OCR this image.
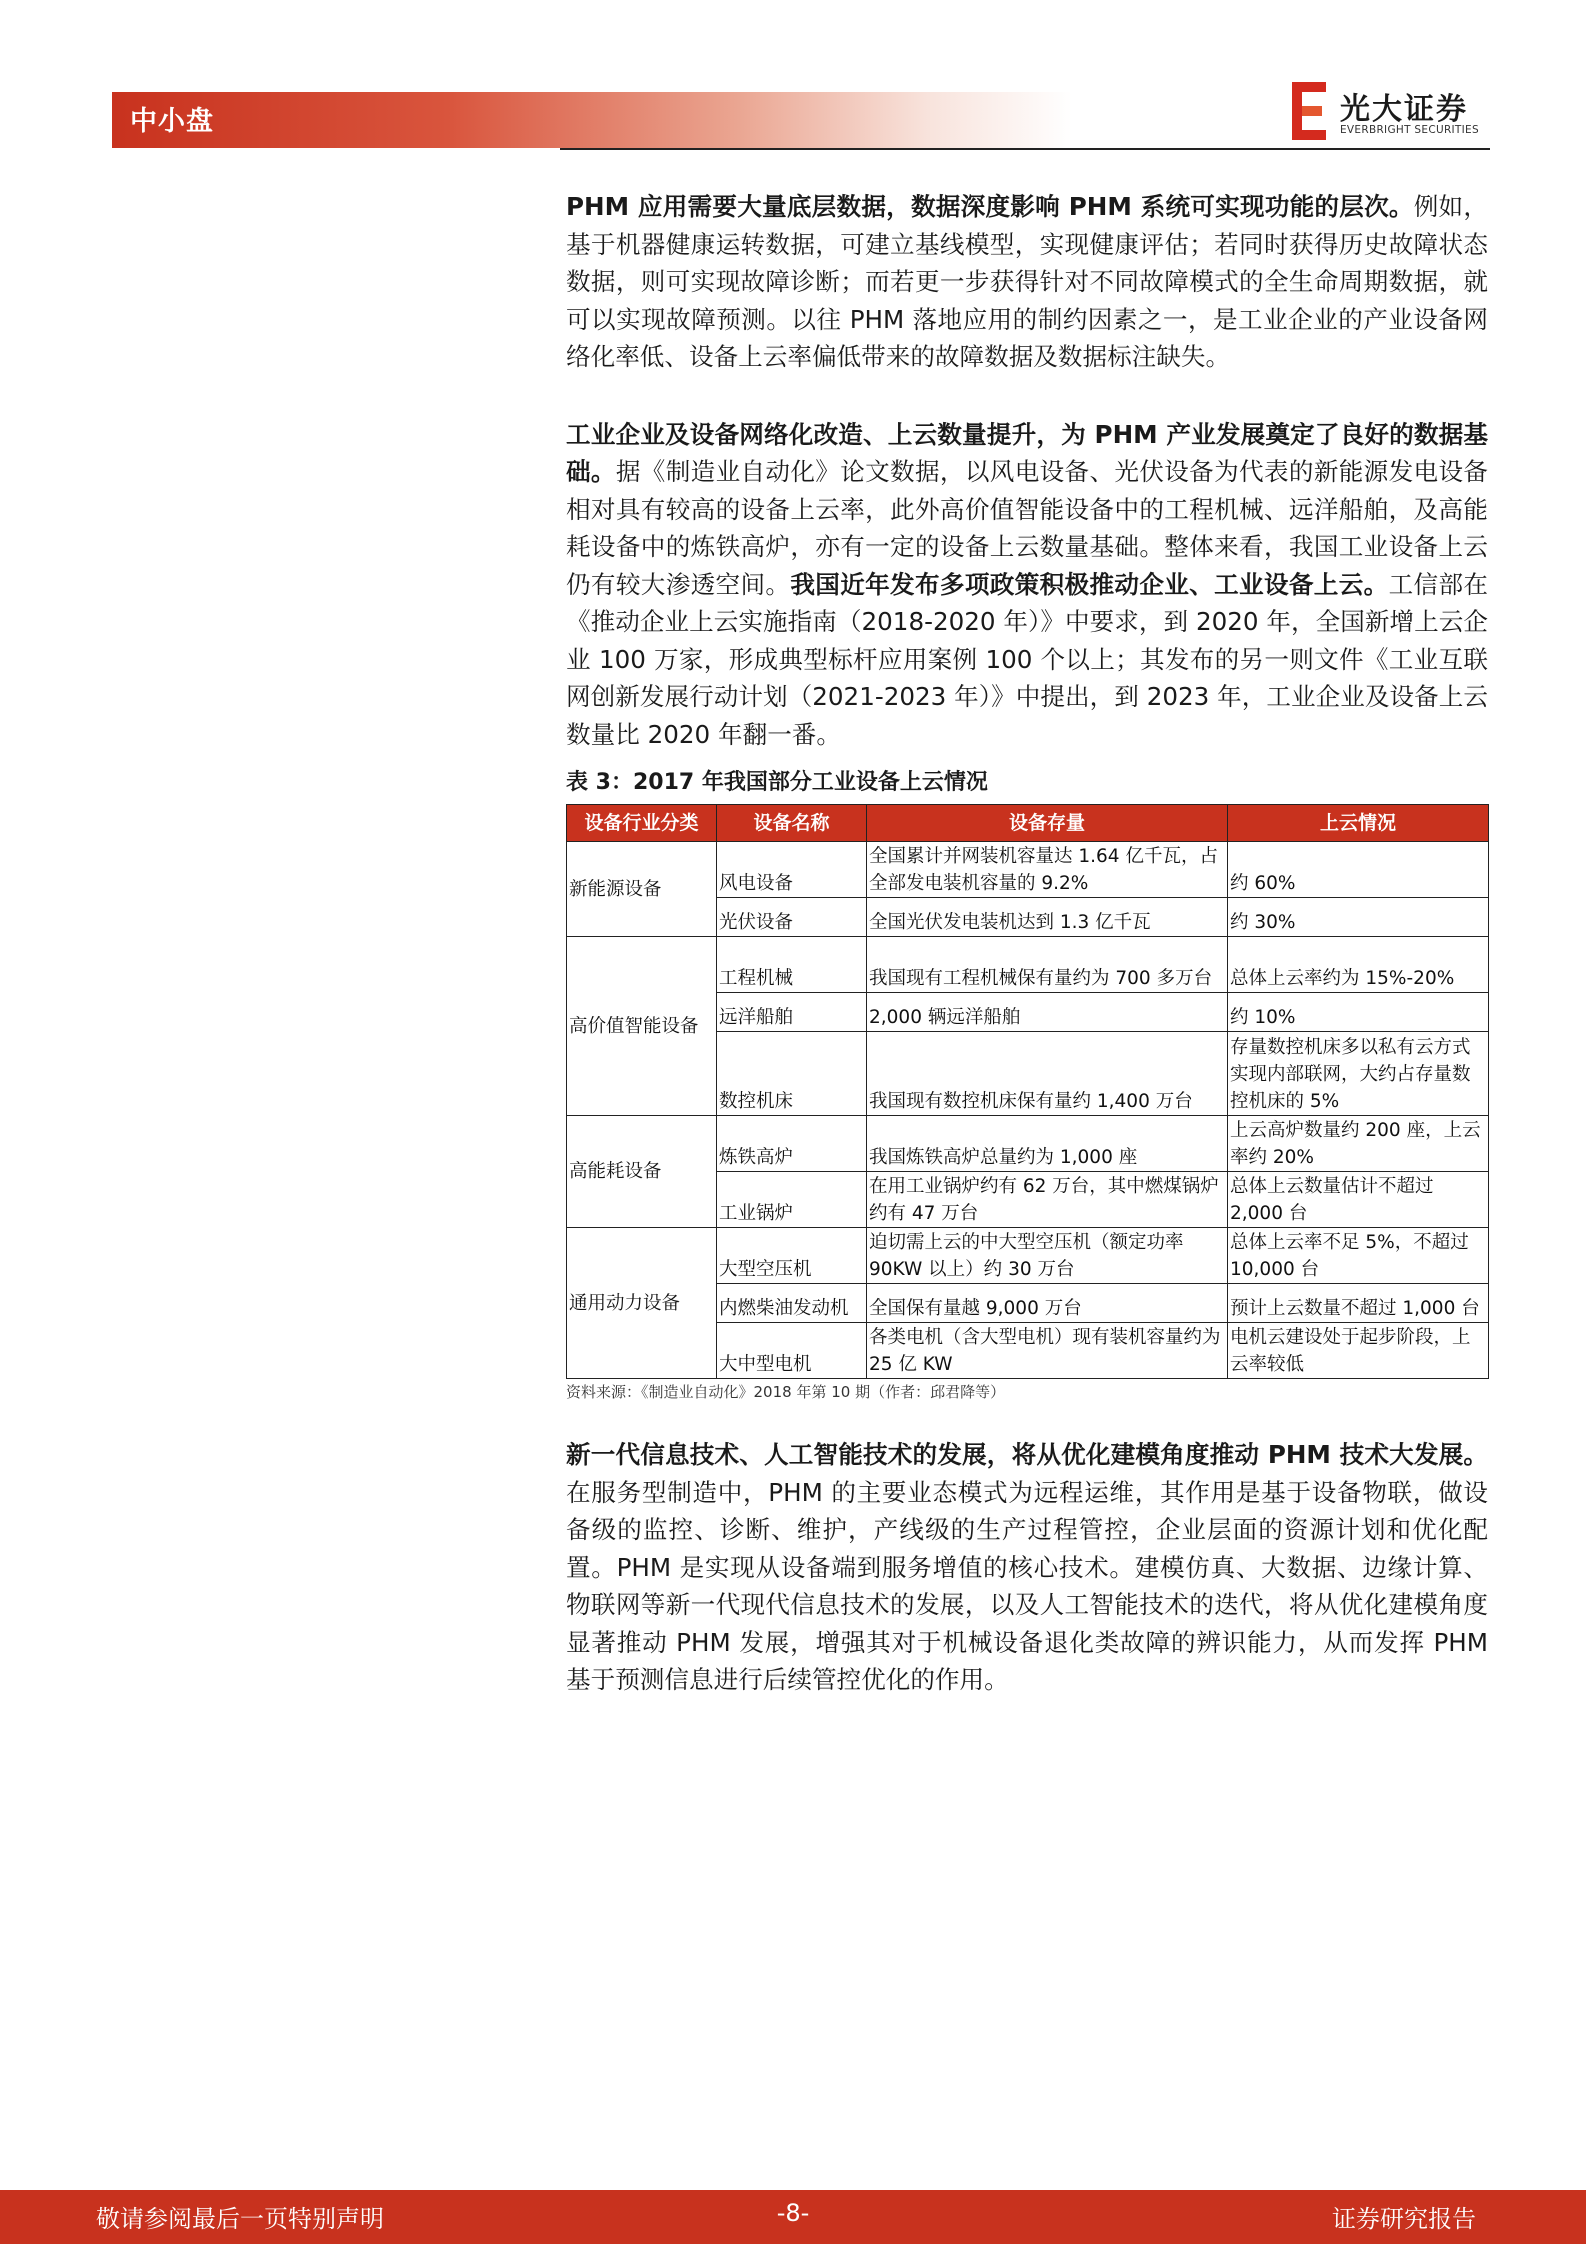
中小盘	光大证券
EVERBRIGHT SECURITIES

PHM 应用需要大量底层数据，数据深度影响 PHM 系统可实现功能的层次。例如，基于机器健康运转数据，可建立基线模型，实现健康评估；若同时获得历史故障状态数据，则可实现故障诊断；而若更一步获得针对不同故障模式的全生命周期数据，就可以实现故障预测。以往 PHM 落地应用的制约因素之一，是工业企业的产业设备网络化率低、设备上云率偏低带来的故障数据及数据标注缺失。

工业企业及设备网络化改造、上云数量提升，为 PHM 产业发展奠定了良好的数据基础。据《制造业自动化》论文数据，以风电设备、光伏设备为代表的新能源发电设备相对具有较高的设备上云率，此外高价值智能设备中的工程机械、远洋船舶，及高能耗设备中的炼铁高炉，亦有一定的设备上云数量基础。整体来看，我国工业设备上云仍有较大渗透空间。我国近年发布多项政策积极推动企业、工业设备上云。工信部在《推动企业上云实施指南（2018-2020 年）》中要求，到 2020 年，全国新增上云企业 100 万家，形成典型标杆应用案例 100 个以上；其发布的另一则文件《工业互联网创新发展行动计划（2021-2023 年）》中提出，到 2023 年，工业企业及设备上云数量比 2020 年翻一番。

表 3：2017 年我国部分工业设备上云情况
设备行业分类	设备名称	设备存量	上云情况
新能源设备	风电设备	全国累计并网装机容量达 1.64 亿千瓦，占全部发电装机容量的 9.2%	约 60%
	光伏设备	全国光伏发电装机达到 1.3 亿千瓦	约 30%
高价值智能设备	工程机械	我国现有工程机械保有量约为 700 多万台	总体上云率约为 15%-20%
	远洋船舶	2,000 辆远洋船舶	约 10%
	数控机床	我国现有数控机床保有量约 1,400 万台	存量数控机床多以私有云方式实现内部联网，大约占存量数控机床的 5%
高能耗设备	炼铁高炉	我国炼铁高炉总量约为 1,000 座	上云高炉数量约 200 座，上云率约 20%
	工业锅炉	在用工业锅炉约有 62 万台，其中燃煤锅炉约有 47 万台	总体上云数量估计不超过 2,000 台
通用动力设备	大型空压机	迫切需上云的中大型空压机（额定功率 90KW 以上）约 30 万台	总体上云率不足 5%，不超过 10,000 台
	内燃柴油发动机	全国保有量越 9,000 万台	预计上云数量不超过 1,000 台
	大中型电机	各类电机（含大型电机）现有装机容量约为 25 亿 KW	电机云建设处于起步阶段，上云率较低
资料来源：《制造业自动化》2018 年第 10 期（作者：邱君降等）

新一代信息技术、人工智能技术的发展，将从优化建模角度推动 PHM 技术大发展。在服务型制造中，PHM 的主要业态模式为远程运维，其作用是基于设备物联，做设备级的监控、诊断、维护，产线级的生产过程管控，企业层面的资源计划和优化配置。PHM 是实现从设备端到服务增值的核心技术。建模仿真、大数据、边缘计算、物联网等新一代现代信息技术的发展，以及人工智能技术的迭代，将从优化建模角度显著推动 PHM 发展，增强其对于机械设备退化类故障的辨识能力，从而发挥 PHM 基于预测信息进行后续管控优化的作用。

敬请参阅最后一页特别声明	-8-	证券研究报告
